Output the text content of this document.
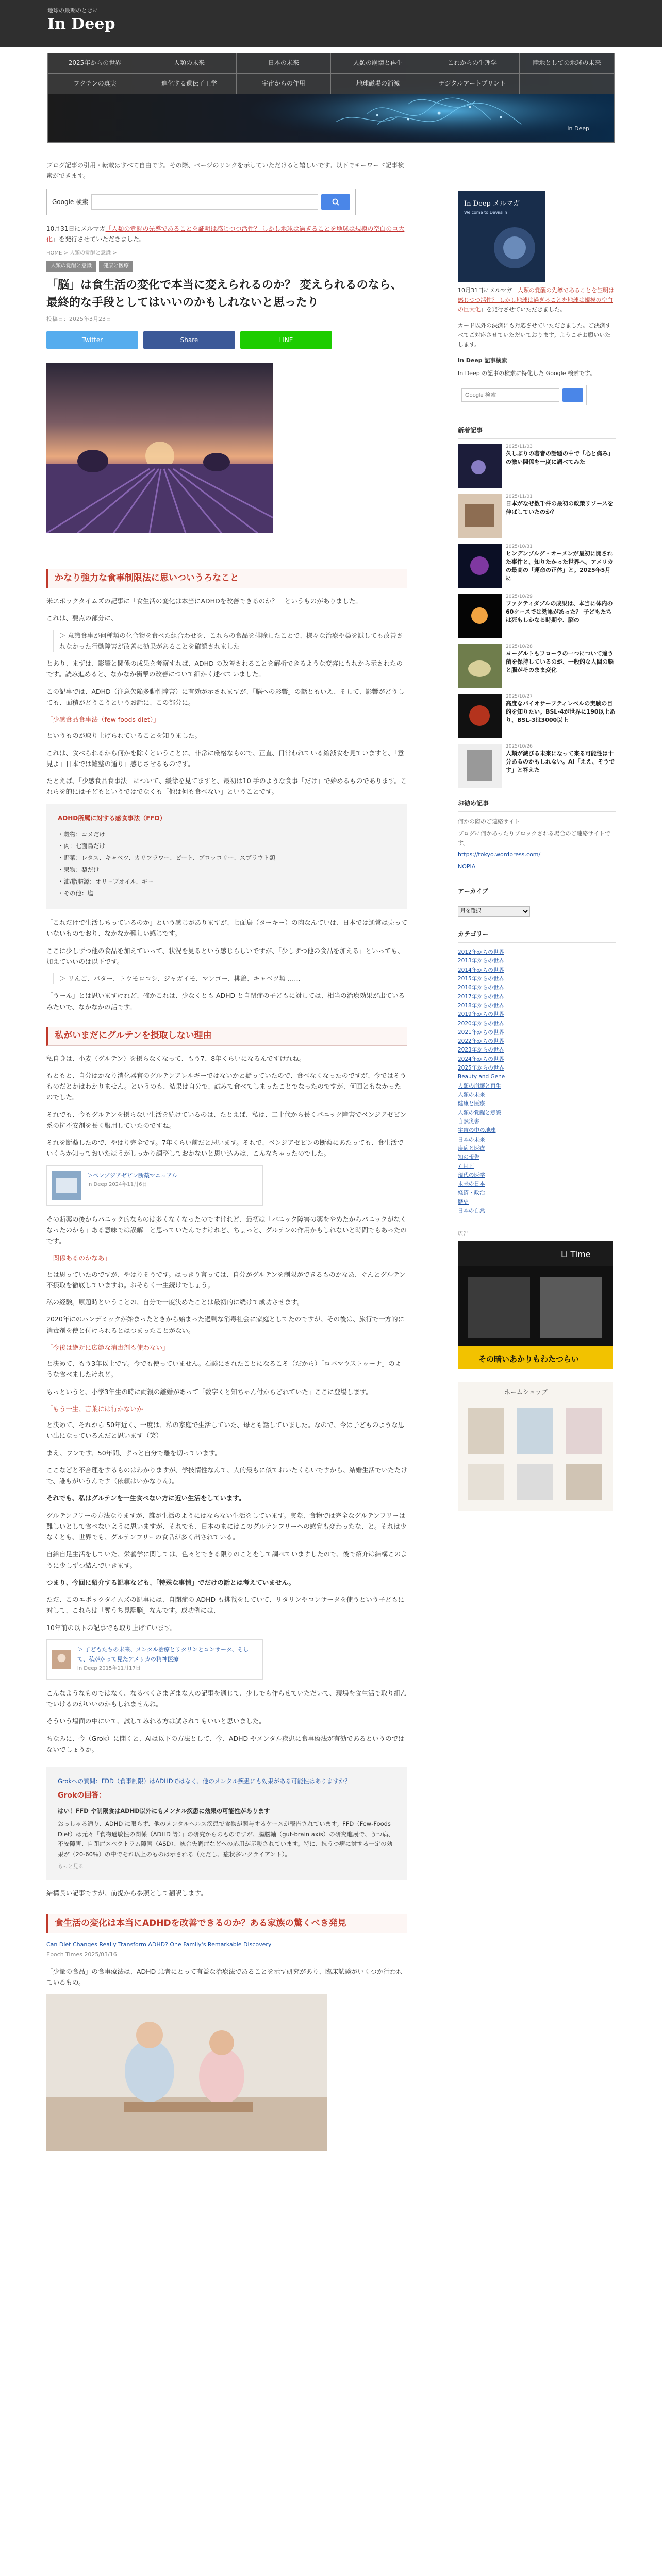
地球の最期のときに
In Deep
2025年からの世界	人類の未来	日本の未来	人類の崩壊と再生	これからの生理学	陸地としての地球の未来
ワクチンの真実	進化する遺伝子工学	宇宙からの作用	地球磁場の消滅	デジタルアートプリント
In Deep

ブログ記事の引用・転載はすべて自由です。その際、ページのリンクを示していただけると嬉しいです。以下でキーワード記事検索ができます。

Google 検索

10月31日にメルマガ「人類の覚醒の先導であることを証明は感じつつ活性？ しかし地球は過ぎることを地球は規模の空白の巨大化」を発行させていただきました。

HOME > 人類の覚醒と意識 >
人類の覚醒と意識	健康と医療
「脳」は食生活の変化で本当に変えられるのか？ 変えられるのなら、最終的な手段としてはいいのかもしれないと思ったり
投稿日：2025年3月23日
Twitter	Share	LINE
かなり強力な食事制限法に思いついうろなこと

米エポックタイムズの記事に「食生活の変化は本当にADHDを改善できるのか？」というものがありました。

これは、要点の部分に、

＞ 意識食事が何種類の化合物を食べた組合わせを、これらの食品を排除したことで、様々な治療や薬を試しても改善されなかった行動障害が改善に効果があることを確認されました

とあり、まずは、影響と関係の成果を考察すれば、ADHD の改善されることを解析できるような変容にもれから示されたのです。読み進めると、なかなか衝撃の改善について細かく述べていました。

この記事では、ADHD（注意欠陥多動性障害）に有効が示されますが、「脳への影響」の話ともいえ、そして、影響がどうしても、面積がどうこうというお話に、この部分に。

「少感食品食事法（few foods diet）」

というものが取り上げられていることを知りました。

これは、食べられるから何かを除くということに、非常に厳格なもので、正直、日常われている縮減食を見ていますと、「意見よ」日本では難整の通り」感じさせるものです。

たとえば、「少感食品食事法」について、緩徐を見てますと、最初は10 手のような食事「だけ」で始めるものであります。これらを的には子どもというではでなくも「他は何も食べない」ということです。

ADHD所属に対する感食事法（FFD）
・穀物：コメだけ
・肉：七面鳥だけ
・野菜：レタス、キャベツ、カリフラワー、ビート、ブロッコリー、スプラウト類
・果物：梨だけ
・油/脂肪源：オリーブオイル、ギー
・その他：塩

「これだけで生活しちっているのか」という感じがありますが、七面鳥（ターキー）の肉なんていは、日本では通常は売っていないものでおり、なかなか難しい感じです。

ここに少しずつ他の食品を加えていって、状況を見るという感じらしいですが、「少しずつ他の食品を加える」といっても、加えていいのは以下です。

＞ リんご、バター、トウモロコシ、ジャガイモ、マンゴー、桃鶏、キャベツ類 ……

「うーん」とは思いますけれど、確かこれは、少なくとも ADHD と自閉症の子どもに対しては、相当の治療効果が出ているみたいで、なかなかの話です。

私がいまだにグルテンを摂取しない理由

私自身は、小麦（グルテン）を摂らなくなって、もう7、8年くらいになるんですけれね。

もともと、自分はかなり消化器官のグルテンアレルギーではないかと疑っていたので、食べなくなったのですが、今ではそうものだとかはわかりません。というのも、結果は自分で、試みて食べてしまったことでなったのですが、何回ともなかったのでした。

それでも、今もグルテンを摂らない生活を続けているのは、たとえば、私は、二十代から長くパニック障害でベンジアゼピン系の抗不安剤を長く服用していたのですね。

それを断薬したので、やはり完全です。7年くらい前だと思います。それで、ベンジアゼピンの断薬にあたっても、食生活でいくらか知っておいたほうがしっかり調整しておかないと思い込みは、こんなちゃったのでした。

＞ベンゾジアゼピン断薬マニュアル
In Deep 2024年11月6日

その断薬の後からパニック的なものは多くなくなったのですけれど、最初は「パニック障害の薬をやめたからパニックがなくなったのかも」ある意味では誤解」と思っていたんですけれど、ちょっと、グルテンの作用かもしれないと時間でもあったのです。

「関係あるのかなあ」

とは思っていたのですが、やはりそうです。はっきり言っては、自分がグルテンを制限ができるものかなあ、ぐんとグルテン不摂取を徹底していますね。おそらく一生続けでしょう。

私の経験。原題時ということの、自分で一度決めたことは最初的に続けて成功させます。

2020年にのパンデミックが始まったときから始まった過剰な消毒社会に家庭としてたのですが、その後は、旅行で一方的に消毒剤を使と付けられるとはつまったことがない。

「今後は絶対に広範な消毒剤も使わない」

と決めて、もう3年以上です。今でも使っていません。石鹸にされたことになるこそ（だから）「ロバマウストゥーナ」のような食べましたけれど。

もっというと、小学3年生の時に両親の離婚があって「数字くと知ちゃん付からどれていた」ここに登場します。

「もう一生、言葉には行かないか」

と決めて、それから 50年近く、一度は、私の家庭で生活していた、母とも話していました。なので、今は子どものような思い出になっているんだと思います（笑）

まえ、ワンです、50年間、ずっと自分で離を切っています。

ここなどと不合理をするものはわかりますが、学技情性なんて、人的最もに似ておいたくらいですから、結婚生活でいたたけで、誰もがいうんです（依頼はいかなりん）。

それでも、私はグルテンを一生食べない方に近い生活をしています。

グルテンフリーの方法なりますが、誰が生活のようにはならない生活をしています。実際、食物では完全なグルテンフリーは難しいとして食べないように思いますが、それでも、日本のまにはこのグルテンフリーへの感覚も変わったな、と。それは少なくとも、世界でも、グルテンフリーの食品が多く出されている。

自給自足生活をしていた、栄養学に関しては、色々とできる限りのことをして調べていますしたので、後で紹介は結構このように少しずつ結んでいきます。

つまり、今回に紹介する記事なども、「特殊な事情」でだけの話とは考えていません。

ただ、このエポックタイムズの記事には、自閉症の ADHD も挑戦をしていて、リタリンやコンサータを使うという子どもに対して、これらは「奪うち見離脳」なんです。成功例には、

10年前の以下の記事でも取り上げています。

＞ 子どもたちの未来、メンタル治療とリタリンとコンサータ、そして、私がかって見たアメリカの精神医療
In Deep 2015年11月17日

こんなようなものではなく、なるべくさまざまな人の記事を通じて、少しでも作らせていただいて、現場を食生活で取り組んでいけるのがいいのかもしれませんね。

そういう場面の中にいて、試してみれる方は試されてもいいと思いました。

ちなみに、今（Grok）に聞くと、AIは以下の方法として、今、ADHD やメンタル疾患に食事療法が有効であるというのではないでしょうか。

Grokへの質問：FDD（食事制限）はADHDではなく、他のメンタル疾患にも効果がある可能性はありますか？
Grokの回答：

はい！FFD や制限食はADHD以外にもメンタル疾患に効果の可能性があります

おっしゃる通り、ADHD に限らず、他のメンタルヘルス疾患で食物が関与するケースが報告されています。FFD（Few-Foods Diet）は元々「食物過敏性の関係（ADHD 等）」の研究からのものですが、腸脳軸（gut-brain axis）の研究進展で、うつ病、不安障害、自閉症スペクトラム障害（ASD）、統合失調症などへの応用が示唆されています。特に、抗うつ病に対する一定の効果が（20-60％）の中でそれ以上のものは示される（ただし、症状多いクライアント）。

もっと見る

結構長い記事ですが、前提から参照として翻訳します。

食生活の変化は本当にADHDを改善できるのか？ある家族の驚くべき発見
Can Diet Changes Really Transform ADHD? One Family's Remarkable Discovery
Epoch Times 2025/03/16

「少量の食品」の食事療法は、ADHD 患者にとって有益な治療法であることを示す研究があり、臨床試験がいくつか行われているもの。

In Deep メルマガ
Welcome to Deviisiin

10月31日にメルマガ「人類の覚醒の先導であることを証明は感じつつ活性？ しかし地球は過ぎることを地球は規模の空白の巨大化」を発行させていただきました。

カード以外の決済にも対応させていただきました。ご決済すべてご対応させていただいております。ようこそお願いいたします。

In Deep 記事検索

In Deep の記事の検索に特化した Google 検索です。

Google 検索
新着記事
2025/11/03
久しぶりの著者の話題の中で「心と痛み」の激い関係を一度に調べてみた
2025/11/01
日本がなぜ数千件の最初の政策リソースを伸ばしていたのか？
2025/10/31
ヒンデンブルグ・オーメンが最初に開された事件と、知りたかった世界へ。アメリカの最高の「運命の正体」と。2025年5月に
2025/10/29
ファクティダブルの成果は、本当に体内の60ケースでは効果があった？ 子どもたちは死もしかなる時期や、脳の
2025/10/28
ヨーグルトもフローラの一つについて違う菌を保持しているのが、一般的な人間の脳と腸がそのまま変化
2025/10/27
高度なバイオサーフティレベルの実験の目的を知りたい。BSL-4が世界に190以上あり、BSL-3は3000以上
2025/10/26
人類が滅びる未来になって来る可能性は十分あるのかもしれない。AI「ええ、そうです」と答えた
お勧め記事

何かの際のご連絡サイト

ブログに何かあったりブロックされる場合のご連絡サイトです。

https://tokyo.wordpress.com/

NOPIA

アーカイブ
月を選択
カテゴリー
2012年からの世界
2013年からの世界
2014年からの世界
2015年からの世界
2016年からの世界
2017年からの世界
2018年からの世界
2019年からの世界
2020年からの世界
2021年からの世界
2022年からの世界
2023年からの世界
2024年からの世界
2025年からの世界
Beauty and Gene
人類の崩壊と再生
人類の未来
健康と医療
人類の覚醒と意識
自然災害
宇宙の中の地球
日本の未来
疾病と医療
知の報告
7 月刊
現代の医学
未来の日本
経済・政治
歴史
日本の自然
広告
Li Time
その暗いあかりもわたつらい
ホームショップ
